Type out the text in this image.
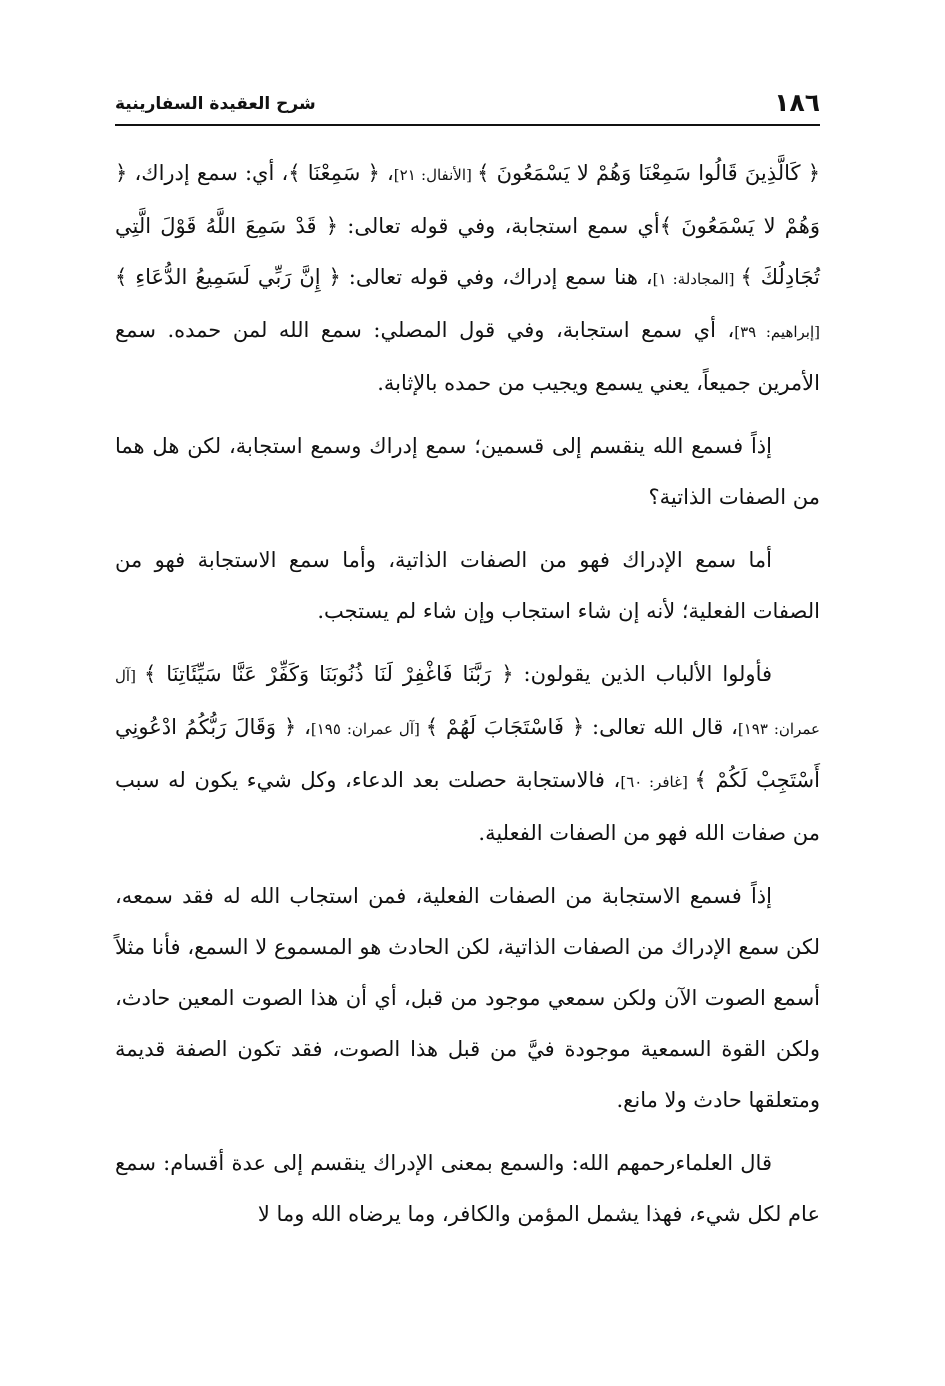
١٨٦
شرح العقيدة السفارينية

﴿ كَالَّذِينَ قَالُوا سَمِعْنَا وَهُمْ لا يَسْمَعُونَ ﴾ [الأنفال: ٢١]، ﴿ سَمِعْنَا ﴾، أي: سمع إدراك، ﴿ وَهُمْ لا يَسْمَعُونَ ﴾أي سمع استجابة، وفي قوله تعالى: ﴿ قَدْ سَمِعَ اللَّهُ قَوْلَ الَّتِي تُجَادِلُكَ ﴾ [المجادلة: ١]، هنا سمع إدراك، وفي قوله تعالى: ﴿ إِنَّ رَبِّي لَسَمِيعُ الدُّعَاءِ ﴾ [إبراهيم: ٣٩]، أي سمع استجابة، وفي قول المصلي: سمع الله لمن حمده. سمع الأمرين جميعاً، يعني يسمع ويجيب من حمده بالإثابة.

إذاً فسمع الله ينقسم إلى قسمين؛ سمع إدراك وسمع استجابة، لكن هل هما من الصفات الذاتية؟

أما سمع الإدراك فهو من الصفات الذاتية، وأما سمع الاستجابة فهو من الصفات الفعلية؛ لأنه إن شاء استجاب وإن شاء لم يستجب.

فأولوا الألباب الذين يقولون: ﴿ رَبَّنَا فَاغْفِرْ لَنَا ذُنُوبَنَا وَكَفِّرْ عَنَّا سَيِّئَاتِنَا ﴾ [آل عمران: ١٩٣]، قال الله تعالى: ﴿ فَاسْتَجَابَ لَهُمْ ﴾ [آل عمران: ١٩٥]، ﴿ وَقَالَ رَبُّكُمُ ادْعُونِي أَسْتَجِبْ لَكُمْ ﴾ [غافر: ٦٠]، فالاستجابة حصلت بعد الدعاء، وكل شيء يكون له سبب من صفات الله فهو من الصفات الفعلية.

إذاً فسمع الاستجابة من الصفات الفعلية، فمن استجاب الله له فقد سمعه، لكن سمع الإدراك من الصفات الذاتية، لكن الحادث هو المسموع لا السمع، فأنا مثلاً أسمع الصوت الآن ولكن سمعي موجود من قبل، أي أن هذا الصوت المعين حادث، ولكن القوة السمعية موجودة فيَّ من قبل هذا الصوت، فقد تكون الصفة قديمة ومتعلقها حادث ولا مانع.

قال العلماءرحمهم الله: والسمع بمعنى الإدراك ينقسم إلى عدة أقسام: سمع عام لكل شيء، فهذا يشمل المؤمن والكافر، وما يرضاه الله وما لا
